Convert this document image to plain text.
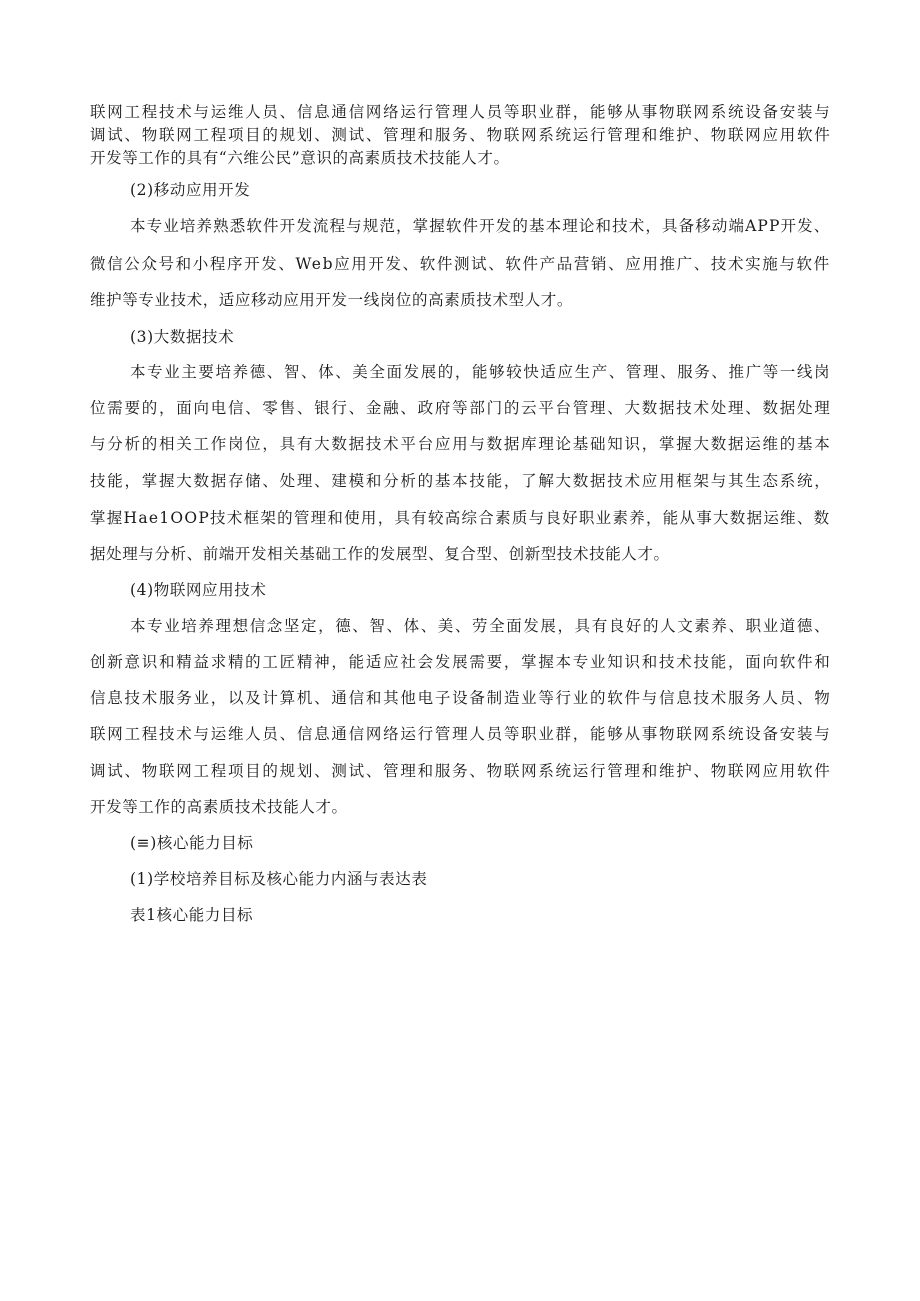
联网工程技术与运维人员、信息通信网络运行管理人员等职业群，能够从事物联网系统设备安装与
调试、物联网工程项目的规划、测试、管理和服务、物联网系统运行管理和维护、物联网应用软件
开发等工作的具有“六维公民”意识的高素质技术技能人才。
(2)移动应用开发
本专业培养熟悉软件开发流程与规范，掌握软件开发的基本理论和技术，具备移动端APP开发、
微信公众号和小程序开发、Web应用开发、软件测试、软件产品营销、应用推广、技术实施与软件
维护等专业技术，适应移动应用开发一线岗位的高素质技术型人才。
(3)大数据技术
本专业主要培养德、智、体、美全面发展的，能够较快适应生产、管理、服务、推广等一线岗
位需要的，面向电信、零售、银行、金融、政府等部门的云平台管理、大数据技术处理、数据处理
与分析的相关工作岗位，具有大数据技术平台应用与数据库理论基础知识，掌握大数据运维的基本
技能，掌握大数据存储、处理、建模和分析的基本技能，了解大数据技术应用框架与其生态系统，
掌握Hae1OOP技术框架的管理和使用，具有较高综合素质与良好职业素养，能从事大数据运维、数
据处理与分析、前端开发相关基础工作的发展型、复合型、创新型技术技能人才。
(4)物联网应用技术
本专业培养理想信念坚定，德、智、体、美、劳全面发展，具有良好的人文素养、职业道德、
创新意识和精益求精的工匠精神，能适应社会发展需要，掌握本专业知识和技术技能，面向软件和
信息技术服务业，以及计算机、通信和其他电子设备制造业等行业的软件与信息技术服务人员、物
联网工程技术与运维人员、信息通信网络运行管理人员等职业群，能够从事物联网系统设备安装与
调试、物联网工程项目的规划、测试、管理和服务、物联网系统运行管理和维护、物联网应用软件
开发等工作的高素质技术技能人才。
(≡)核心能力目标
(1)学校培养目标及核心能力内涵与表达表
表1核心能力目标
